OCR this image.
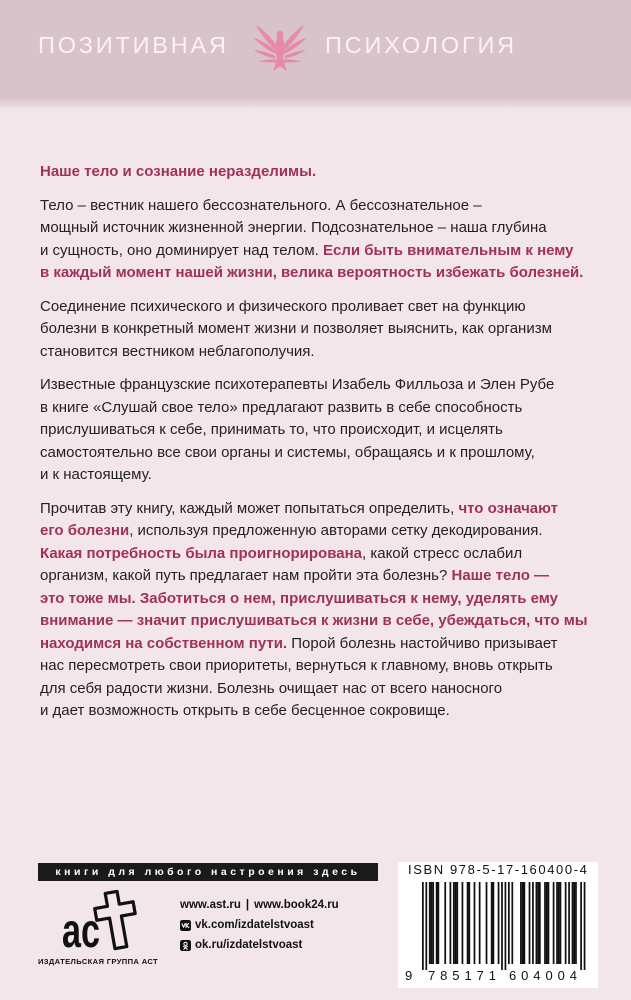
ПОЗИТИВНАЯ	ПСИХОЛОГИЯ
Наше тело и сознание неразделимы.
Тело – вестник нашего бессознательного. А бессознательное –
мощный источник жизненной энергии. Подсознательное – наша глубина
и сущность, оно доминирует над телом. Если быть внимательным к нему
в каждый момент нашей жизни, велика вероятность избежать болезней.
Соединение психического и физического проливает свет на функцию
болезни в конкретный момент жизни и позволяет выяснить, как организм
становится вестником неблагополучия.
Известные французские психотерапевты Изабель Филльоза и Элен Рубе
в книге «Слушай свое тело» предлагают развить в себе способность
прислушиваться к себе, принимать то, что происходит, и исцелять
самостоятельно все свои органы и системы, обращаясь и к прошлому,
и к настоящему.
Прочитав эту книгу, каждый может попытаться определить, что означают
его болезни, используя предложенную авторами сетку декодирования.
Какая потребность была проигнорирована, какой стресс ослабил
организм, какой путь предлагает нам пройти эта болезнь? Наше тело —
это тоже мы. Заботиться о нем, прислушиваться к нему, уделять ему
внимание — значит прислушиваться к жизни в себе, убеждаться, что мы
находимся на собственном пути. Порой болезнь настойчиво призывает
нас пересмотреть свои приоритеты, вернуться к главному, вновь открыть
для себя радости жизни. Болезнь очищает нас от всего наносного
и дает возможность открыть в себе бесценное сокровище.
книги для любого настроения здесь
ас
ИЗДАТЕЛЬСКАЯ ГРУППА АСТ
www.ast.ru | www.book24.ru
vk.com/izdatelstvoast
ok.ru/izdatelstvoast
ISBN 978-5-17-160400-4
9 785171 604004
